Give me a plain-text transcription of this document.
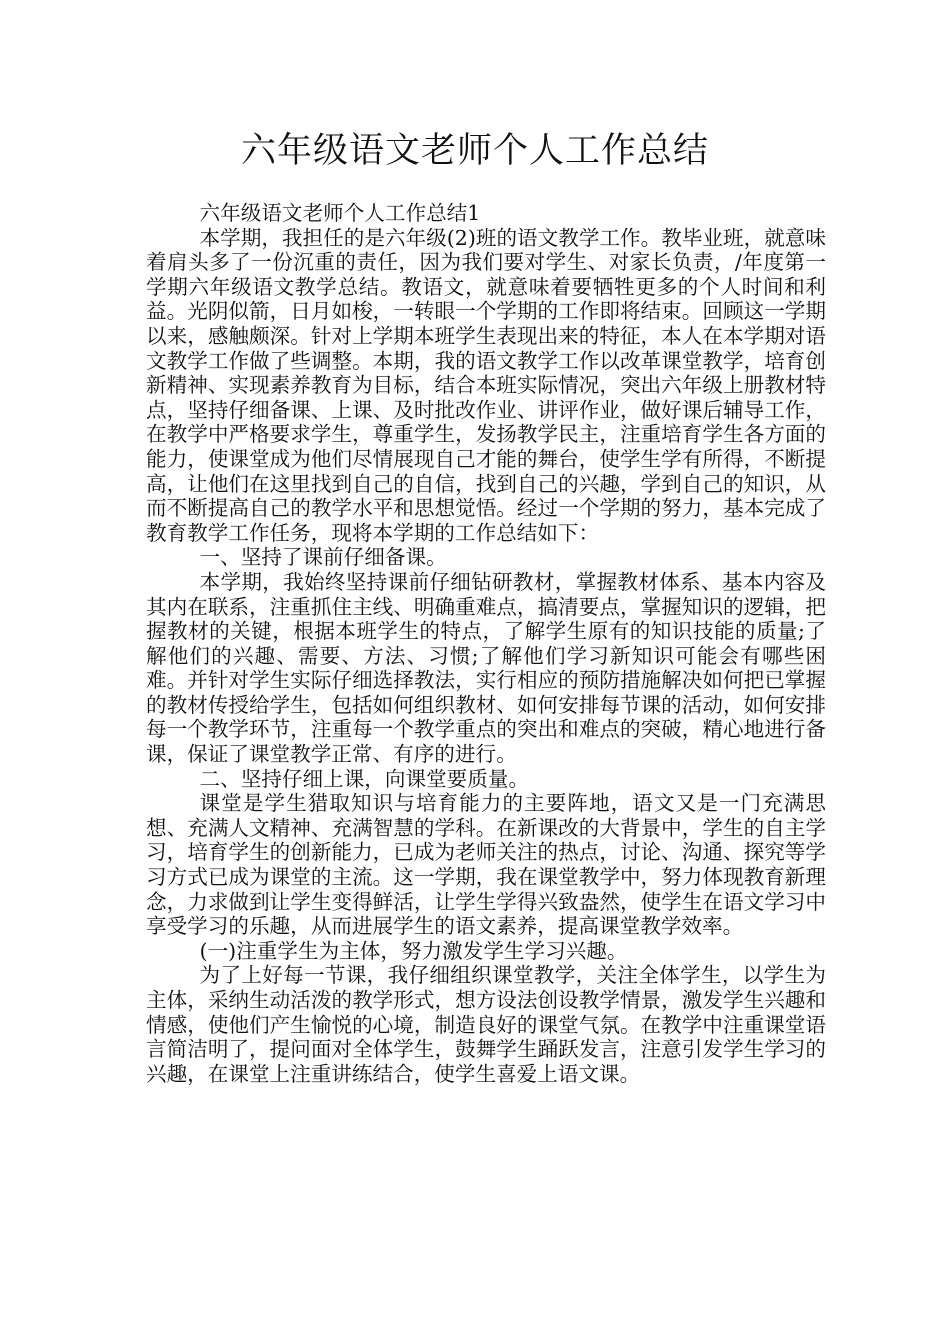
六年级语文老师个人工作总结

六年级语文老师个人工作总结1

本学期，我担任的是六年级(2)班的语文教学工作。教毕业班，就意味着肩头多了一份沉重的责任，因为我们要对学生、对家长负责，/年度第一学期六年级语文教学总结。教语文，就意味着要牺牲更多的个人时间和利益。光阴似箭，日月如梭，一转眼一个学期的工作即将结束。回顾这一学期以来，感触颇深。针对上学期本班学生表现出来的特征，本人在本学期对语文教学工作做了些调整。本期，我的语文教学工作以改革课堂教学，培育创新精神、实现素养教育为目标，结合本班实际情况，突出六年级上册教材特点，坚持仔细备课、上课、及时批改作业、讲评作业，做好课后辅导工作，在教学中严格要求学生，尊重学生，发扬教学民主，注重培育学生各方面的能力，使课堂成为他们尽情展现自己才能的舞台，使学生学有所得，不断提高，让他们在这里找到自己的自信，找到自己的兴趣，学到自己的知识，从而不断提高自己的教学水平和思想觉悟。经过一个学期的努力，基本完成了教育教学工作任务，现将本学期的工作总结如下：

一、坚持了课前仔细备课。

本学期，我始终坚持课前仔细钻研教材，掌握教材体系、基本内容及其内在联系，注重抓住主线、明确重难点，搞清要点，掌握知识的逻辑，把握教材的关键，根据本班学生的特点，了解学生原有的知识技能的质量;了解他们的兴趣、需要、方法、习惯;了解他们学习新知识可能会有哪些困难。并针对学生实际仔细选择教法，实行相应的预防措施解决如何把已掌握的教材传授给学生，包括如何组织教材、如何安排每节课的活动，如何安排每一个教学环节，注重每一个教学重点的突出和难点的突破，精心地进行备课，保证了课堂教学正常、有序的进行。

二、坚持仔细上课，向课堂要质量。

课堂是学生猎取知识与培育能力的主要阵地，语文又是一门充满思想、充满人文精神、充满智慧的学科。在新课改的大背景中，学生的自主学习，培育学生的创新能力，已成为老师关注的热点，讨论、沟通、探究等学习方式已成为课堂的主流。这一学期，我在课堂教学中，努力体现教育新理念，力求做到让学生变得鲜活，让学生学得兴致盎然，使学生在语文学习中享受学习的乐趣，从而进展学生的语文素养，提高课堂教学效率。

(一)注重学生为主体，努力激发学生学习兴趣。

为了上好每一节课，我仔细组织课堂教学，关注全体学生，以学生为主体，采纳生动活泼的教学形式，想方设法创设教学情景，激发学生兴趣和情感，使他们产生愉悦的心境，制造良好的课堂气氛。在教学中注重课堂语言简洁明了，提问面对全体学生，鼓舞学生踊跃发言，注意引发学生学习的兴趣，在课堂上注重讲练结合，使学生喜爱上语文课。
